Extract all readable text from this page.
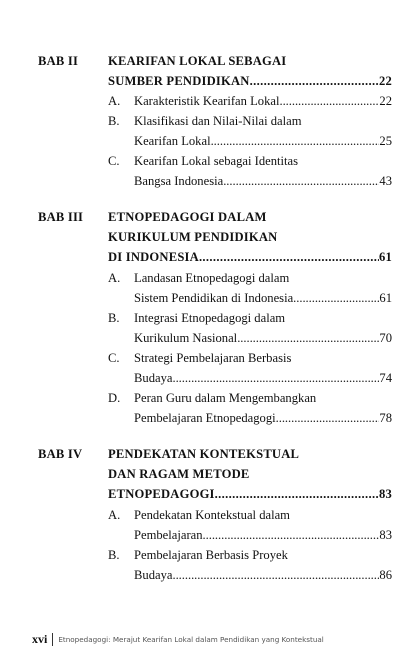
BAB II KEARIFAN LOKAL SEBAGAI
SUMBER PENDIDIKAN . . .	22
A. Karakteristik Kearifan Lokal . . .	22
B. Klasifikasi dan Nilai-Nilai dalam
Kearifan Lokal . . .	25
C. Kearifan Lokal sebagai Identitas
Bangsa Indonesia . . .	43
BAB III ETNOPEDAGOGI DALAM
KURIKULUM PENDIDIKAN
DI INDONESIA . . .	61
A. Landasan Etnopedagogi dalam
Sistem Pendidikan di Indonesia . . .	61
B. Integrasi Etnopedagogi dalam
Kurikulum Nasional . . .	70
C. Strategi Pembelajaran Berbasis
Budaya . . .	74
D. Peran Guru dalam Mengembangkan
Pembelajaran Etnopedagogi . . .	78
BAB IV PENDEKATAN KONTEKSTUAL
DAN RAGAM METODE
ETNOPEDAGOGI . . .	83
A. Pendekatan Kontekstual dalam
Pembelajaran . . .	83
B. Pembelajaran Berbasis Proyek
Budaya . . .	86
xvi Etnopedagogi: Merajut Kearifan Lokal dalam Pendidikan yang Kontekstual
